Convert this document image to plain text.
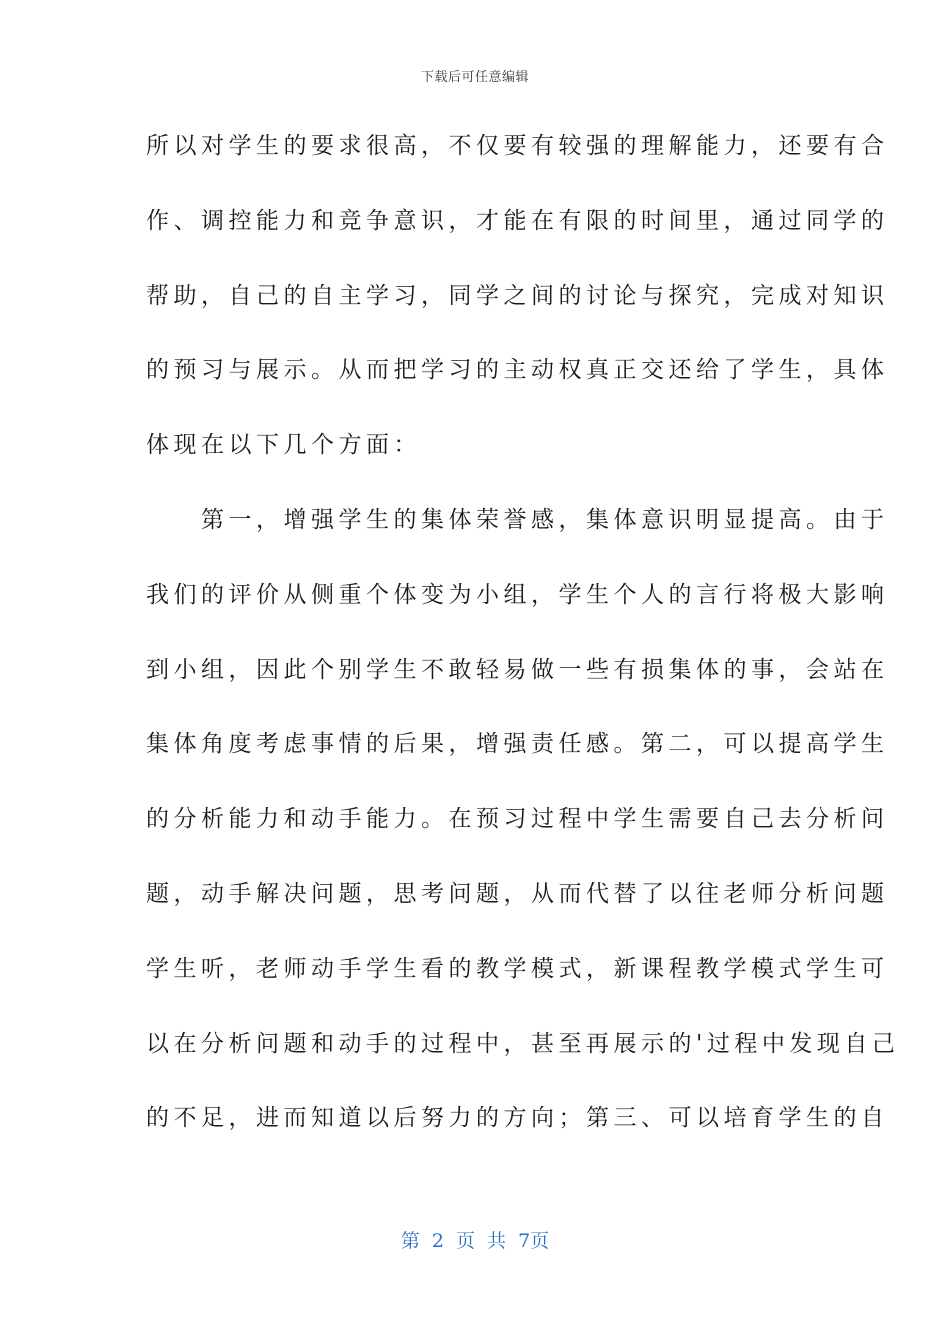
下载后可任意编辑
所以对学生的要求很高，不仅要有较强的理解能力，还要有合
作、调控能力和竞争意识，才能在有限的时间里，通过同学的
帮助，自己的自主学习，同学之间的讨论与探究，完成对知识
的预习与展示。从而把学习的主动权真正交还给了学生，具体
体现在以下几个方面：
　　第一，增强学生的集体荣誉感，集体意识明显提高。由于
我们的评价从侧重个体变为小组，学生个人的言行将极大影响
到小组，因此个别学生不敢轻易做一些有损集体的事，会站在
集体角度考虑事情的后果，增强责任感。第二，可以提高学生
的分析能力和动手能力。在预习过程中学生需要自己去分析问
题，动手解决问题，思考问题，从而代替了以往老师分析问题
学生听，老师动手学生看的教学模式，新课程教学模式学生可
以在分析问题和动手的过程中，甚至再展示的'过程中发现自己
的不足，进而知道以后努力的方向；第三、可以培育学生的自
第 2 页 共 7页
